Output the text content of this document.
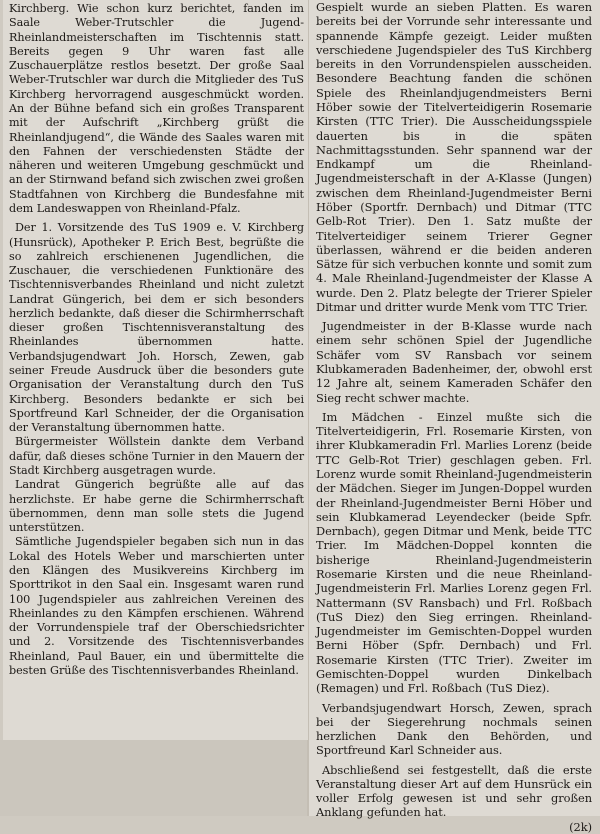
Kirchberg. Wie schon kurz berichtet, fanden im Saale Weber-Trutschler die Jugend-Rheinlandmeisterschaften im Tischtennis statt. Bereits gegen 9 Uhr waren fast alle Zuschauerplätze restlos besetzt. Der große Saal Weber-Trutschler war durch die Mitglieder des TuS Kirchberg hervorragend ausgeschmückt worden. An der Bühne befand sich ein großes Transparent mit der Aufschrift „Kirchberg grüßt die Rheinlandjugend“, die Wände des Saales waren mit den Fahnen der verschiedensten Städte der näheren und weiteren Umgebung geschmückt und an der Stirnwand befand sich zwischen zwei großen Stadtfahnen von Kirchberg die Bundesfahne mit dem Landeswappen von Rheinland-Pfalz.

Der 1. Vorsitzende des TuS 1909 e. V. Kirchberg (Hunsrück), Apotheker P. Erich Best, begrüßte die so zahlreich erschienenen Jugendlichen, die Zuschauer, die verschiedenen Funktionäre des Tischtennisverbandes Rheinland und nicht zuletzt Landrat Güngerich, bei dem er sich besonders herzlich bedankte, daß dieser die Schirmherrschaft dieser großen Tischtennisveranstaltung des Rheinlandes übernommen hatte. Verbandsjugendwart Joh. Horsch, Zewen, gab seiner Freude Ausdruck über die besonders gute Organisation der Veranstaltung durch den TuS Kirchberg. Besonders bedankte er sich bei Sportfreund Karl Schneider, der die Organisation der Veranstaltung übernommen hatte.

Bürgermeister Wöllstein dankte dem Verband dafür, daß dieses schöne Turnier in den Mauern der Stadt Kirchberg ausgetragen wurde.

Landrat Güngerich begrüßte alle auf das herzlichste. Er habe gerne die Schirmherrschaft übernommen, denn man solle stets die Jugend unterstützen.

Sämtliche Jugendspieler begaben sich nun in das Lokal des Hotels Weber und marschierten unter den Klängen des Musikvereins Kirchberg im Sporttrikot in den Saal ein. Insgesamt waren rund 100 Jugendspieler aus zahlreichen Vereinen des Rheinlandes zu den Kämpfen erschienen. Während der Vorrundenspiele traf der Oberschiedsrichter und 2. Vorsitzende des Tischtennisverbandes Rheinland, Paul Bauer, ein und übermittelte die besten Grüße des Tischtennisverbandes Rheinland.

Gespielt wurde an sieben Platten. Es waren bereits bei der Vorrunde sehr interessante und spannende Kämpfe gezeigt. Leider mußten verschiedene Jugendspieler des TuS Kirchberg bereits in den Vorrundenspielen ausscheiden. Besondere Beachtung fanden die schönen Spiele des Rheinlandjugendmeisters Berni Höber sowie der Titelverteidigerin Rosemarie Kirsten (TTC Trier). Die Ausscheidungsspiele dauerten bis in die späten Nachmittagsstunden. Sehr spannend war der Endkampf um die Rheinland-Jugendmeisterschaft in der A-Klasse (Jungen) zwischen dem Rheinland-Jugendmeister Berni Höber (Sportfr. Dernbach) und Ditmar (TTC Gelb-Rot Trier). Den 1. Satz mußte der Titelverteidiger seinem Trierer Gegner überlassen, während er die beiden anderen Sätze für sich verbuchen konnte und somit zum 4. Male Rheinland-Jugendmeister der Klasse A wurde. Den 2. Platz belegte der Trierer Spieler Ditmar und dritter wurde Menk vom TTC Trier.

Jugendmeister in der B-Klasse wurde nach einem sehr schönen Spiel der Jugendliche Schäfer vom SV Ransbach vor seinem Klubkameraden Badenheimer, der, obwohl erst 12 Jahre alt, seinem Kameraden Schäfer den Sieg recht schwer machte.

Im Mädchen - Einzel mußte sich die Titelverteidigerin, Frl. Rosemarie Kirsten, von ihrer Klubkameradin Frl. Marlies Lorenz (beide TTC Gelb-Rot Trier) geschlagen geben. Frl. Lorenz wurde somit Rheinland-Jugendmeisterin der Mädchen. Sieger im Jungen-Doppel wurden der Rheinland-Jugendmeister Berni Höber und sein Klubkamerad Leyendecker (beide Spfr. Dernbach), gegen Ditmar und Menk, beide TTC Trier. Im Mädchen-Doppel konnten die bisherige Rheinland-Jugendmeisterin Rosemarie Kirsten und die neue Rheinland-Jugendmeisterin Frl. Marlies Lorenz gegen Frl. Nattermann (SV Ransbach) und Frl. Roßbach (TuS Diez) den Sieg erringen. Rheinland-Jugendmeister im Gemischten-Doppel wurden Berni Höber (Spfr. Dernbach) und Frl. Rosemarie Kirsten (TTC Trier). Zweiter im Gemischten-Doppel wurden Dinkelbach (Remagen) und Frl. Roßbach (TuS Diez).

Verbandsjugendwart Horsch, Zewen, sprach bei der Siegerehrung nochmals seinen herzlichen Dank den Behörden, und Sportfreund Karl Schneider aus.

Abschließend sei festgestellt, daß die erste Veranstaltung dieser Art auf dem Hunsrück ein voller Erfolg gewesen ist und sehr großen Anklang gefunden hat.

(2k)
